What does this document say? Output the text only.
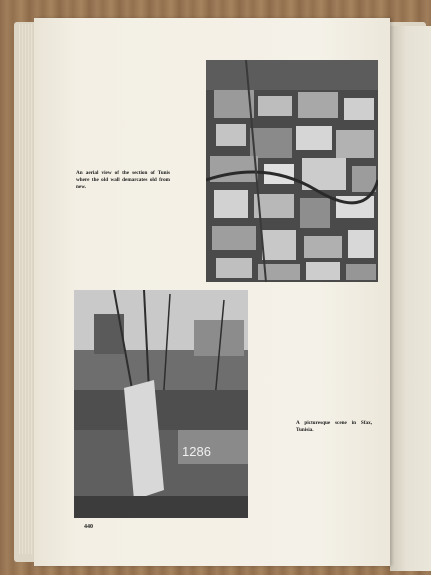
1286
An aerial view of the section of Tunis where the old wall demarcates old from new.
A picturesque scene in Sfax, Tunisia.
440
